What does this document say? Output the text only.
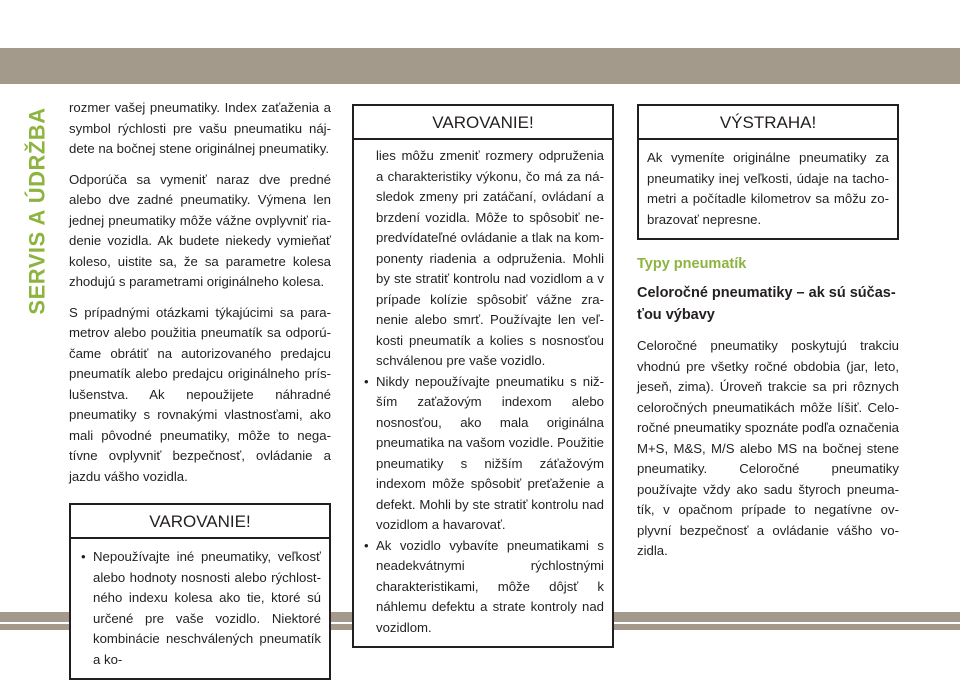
SERVIS A ÚDRŽBA rozmer vašej pneumatiky. Index zaťaženia a symbol rýchlosti pre vašu pneumatiku nájdete na bočnej stene originálnej pneumatiky.

Odporúča sa vymeniť naraz dve predné alebo dve zadné pneumatiky. Výmena len jednej pneumatiky môže vážne ovplyvniť riadenie vozidla. Ak budete niekedy vymieňať koleso, uistite sa, že sa parametre kolesa zhodujú s parametrami originálneho kolesa.

S prípadnými otázkami týkajúcimi sa parametrov alebo použitia pneumatík sa odporúčame obrátiť na autorizovaného predajcu pneumatík alebo predajcu originálneho príslušenstva. Ak nepoužijete náhradné pneumatiky s rovnakými vlastnosťami, ako mali pôvodné pneumatiky, môže to negatívne ovplyvniť bezpečnosť, ovládanie a jazdu vášho vozidla.

VAROVANIE!
• Nepoužívajte iné pneumatiky, veľkosť alebo hodnoty nosnosti alebo rýchlostného indexu kolesa ako tie, ktoré sú určené pre vaše vozidlo. Niektoré kombinácie neschválených pneumatík a ko-
VAROVANIE!
lies môžu zmeniť rozmery odpruženia a charakteristiky výkonu, čo má za následok zmeny pri zatáčaní, ovládaní a brzdení vozidla. Môže to spôsobiť nepredvídateľné ovládanie a tlak na komponenty riadenia a odpruženia. Mohli by ste stratiť kontrolu nad vozidlom a v prípade kolízie spôsobiť vážne zranenie alebo smrť. Používajte len veľkosti pneumatík a kolies s nosnosťou schválenou pre vaše vozidlo.
• Nikdy nepoužívajte pneumatiku s nižším zaťažovým indexom alebo nosnosťou, ako mala originálna pneumatika na vašom vozidle. Použitie pneumatiky s nižším záťažovým indexom môže spôsobiť preťaženie a defekt. Mohli by ste stratiť kontrolu nad vozidlom a havarovať.
• Ak vozidlo vybavíte pneumatikami s neadekvátnymi rýchlostnými charakteristikami, môže dôjsť k náhlemu defektu a strate kontroly nad vozidlom.
VÝSTRAHA!

Ak vymeníte originálne pneumatiky za pneumatiky inej veľkosti, údaje na tachometri a počítadle kilometrov sa môžu zobrazovať nepresne.

Typy pneumatík
Celoročné pneumatiky – ak sú súčasťou výbavy

Celoročné pneumatiky poskytujú trakciu vhodnú pre všetky ročné obdobia (jar, leto, jeseň, zima). Úroveň trakcie sa pri rôznych celoročných pneumatikách môže líšiť. Celoročné pneumatiky spoznáte podľa označenia M+S, M&S, M/S alebo MS na bočnej stene pneumatiky. Celoročné pneumatiky používajte vždy ako sadu štyroch pneumatík, v opačnom prípade to negatívne ovplyvní bezpečnosť a ovládanie vášho vozidla.
